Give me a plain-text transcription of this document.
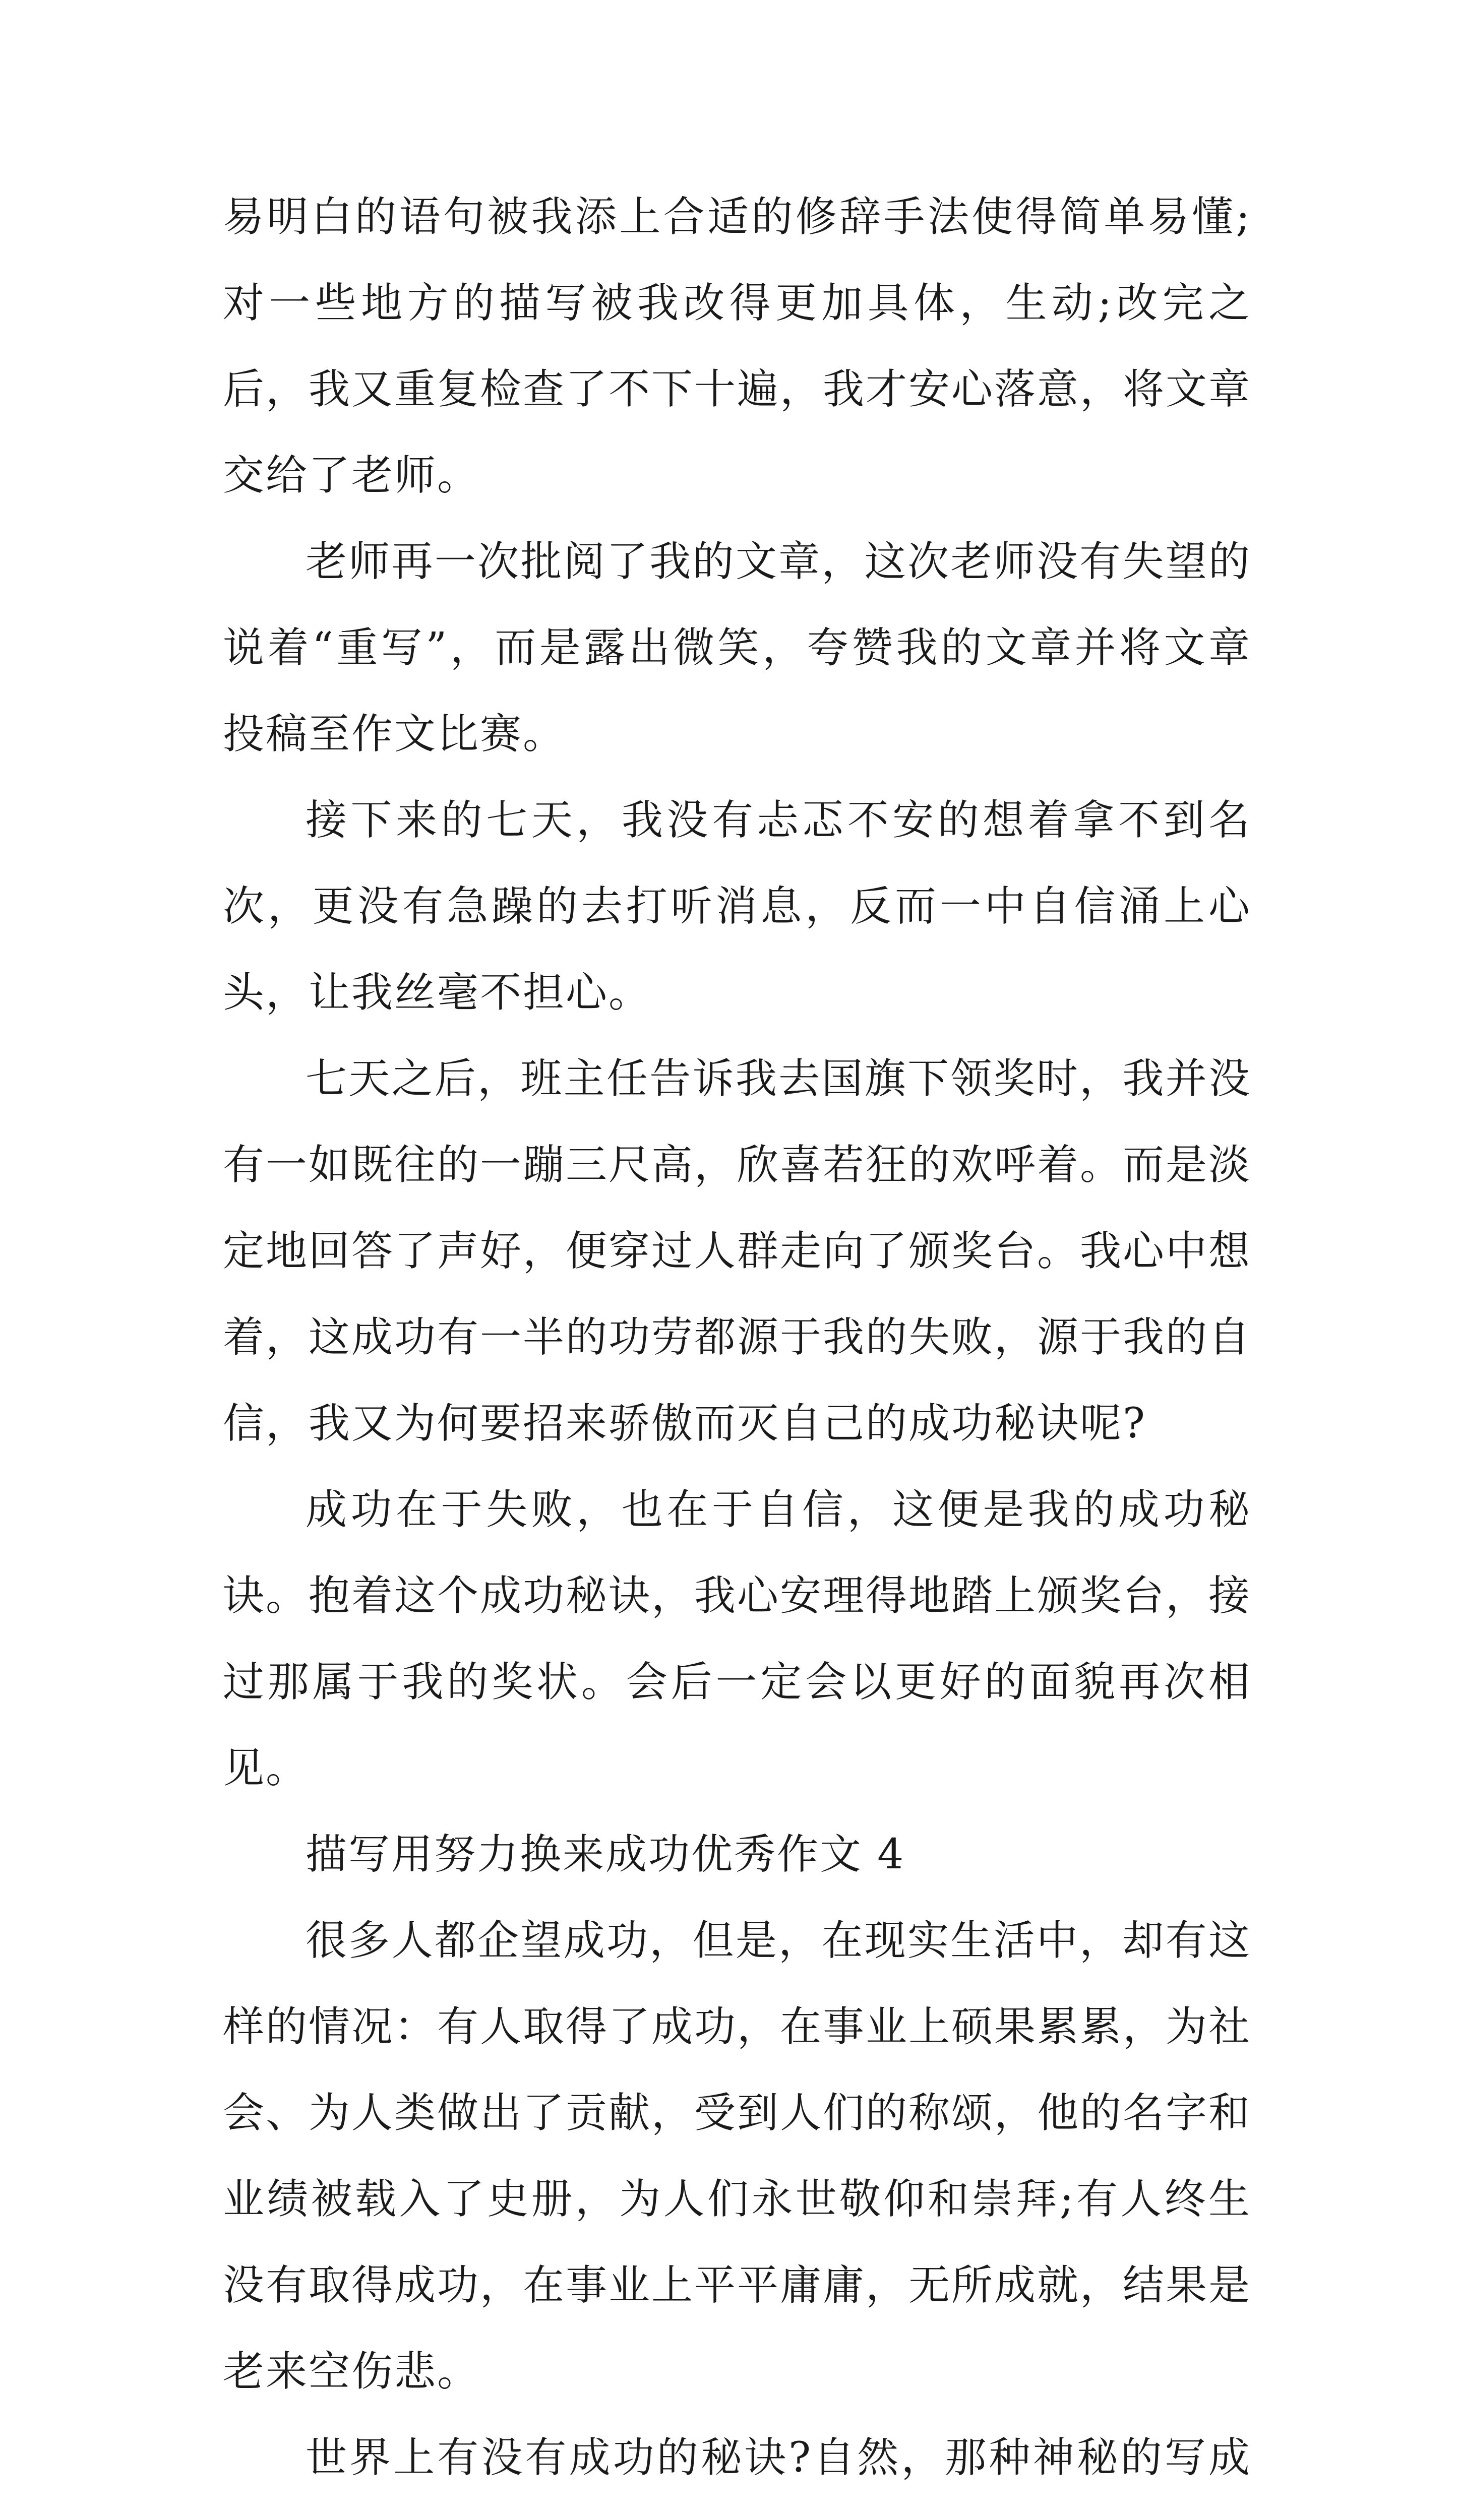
易明白的语句被我添上合适的修辞手法使得简单易懂;对一些地方的描写被我改得更加具体，生动;改完之后，我又重复检查了不下十遍，我才安心落意，将文章交给了老师。

老师再一次批阅了我的文章，这次老师没有失望的说着“重写”，而是露出微笑，夸赞我的文章并将文章投稿至作文比赛。

接下来的七天，我没有忐忑不安的想着拿不到名次，更没有急躁的去打听消息，反而一中自信涌上心头，让我丝毫不担心。

七天之后，班主任告诉我去国旗下领奖时，我并没有一如既往的一蹦三尺高，欣喜若狂的欢呼着。而是淡定地回答了声好，便穿过人群走向了颁奖台。我心中想着，这成功有一半的功劳都源于我的失败，源于我的自信，我又为何要招来骄傲而灭自己的成功秘诀呢?

成功在于失败，也在于自信，这便是我的成功秘诀。抱着这个成功秘诀，我心安理得地踏上颁奖台，接过那属于我的奖状。会后一定会以更好的面貌再次相见。

描写用努力换来成功优秀作文 4

很多人都企望成功，但是，在现实生活中，却有这样的情况：有人取得了成功，在事业上硕果累累，为社会、为人类做出了贡献，受到人们的称颂，他的名字和业绩被载入了史册，为人们永世敬仰和崇拜;有人终生没有取得成功，在事业上平平庸庸，无所成就，结果是老来空伤悲。

世界上有没有成功的秘诀?自然，那种神秘的写成
